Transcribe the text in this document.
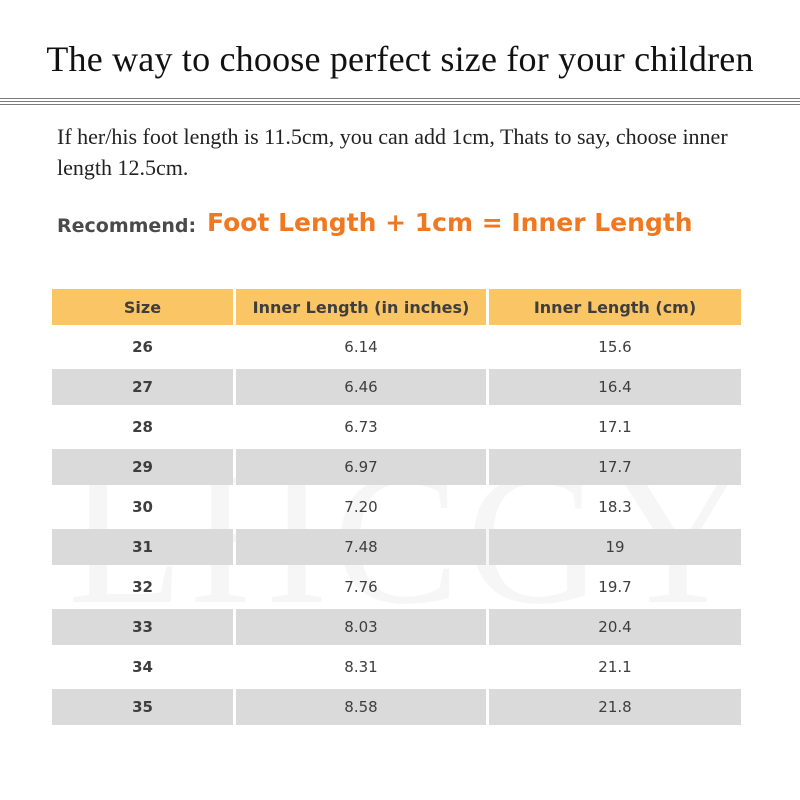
The way to choose perfect size for your children
If her/his foot length is 11.5cm, you can add 1cm, Thats to say, choose inner length 12.5cm.
Recommend: Foot Length + 1cm = Inner Length
Size	Inner Length (in inches)	Inner Length (cm)
26	6.14	15.6
27	6.46	16.4
28	6.73	17.1
29	6.97	17.7
30	7.20	18.3
31	7.48	19
32	7.76	19.7
33	8.03	20.4
34	8.31	21.1
35	8.58	21.8
